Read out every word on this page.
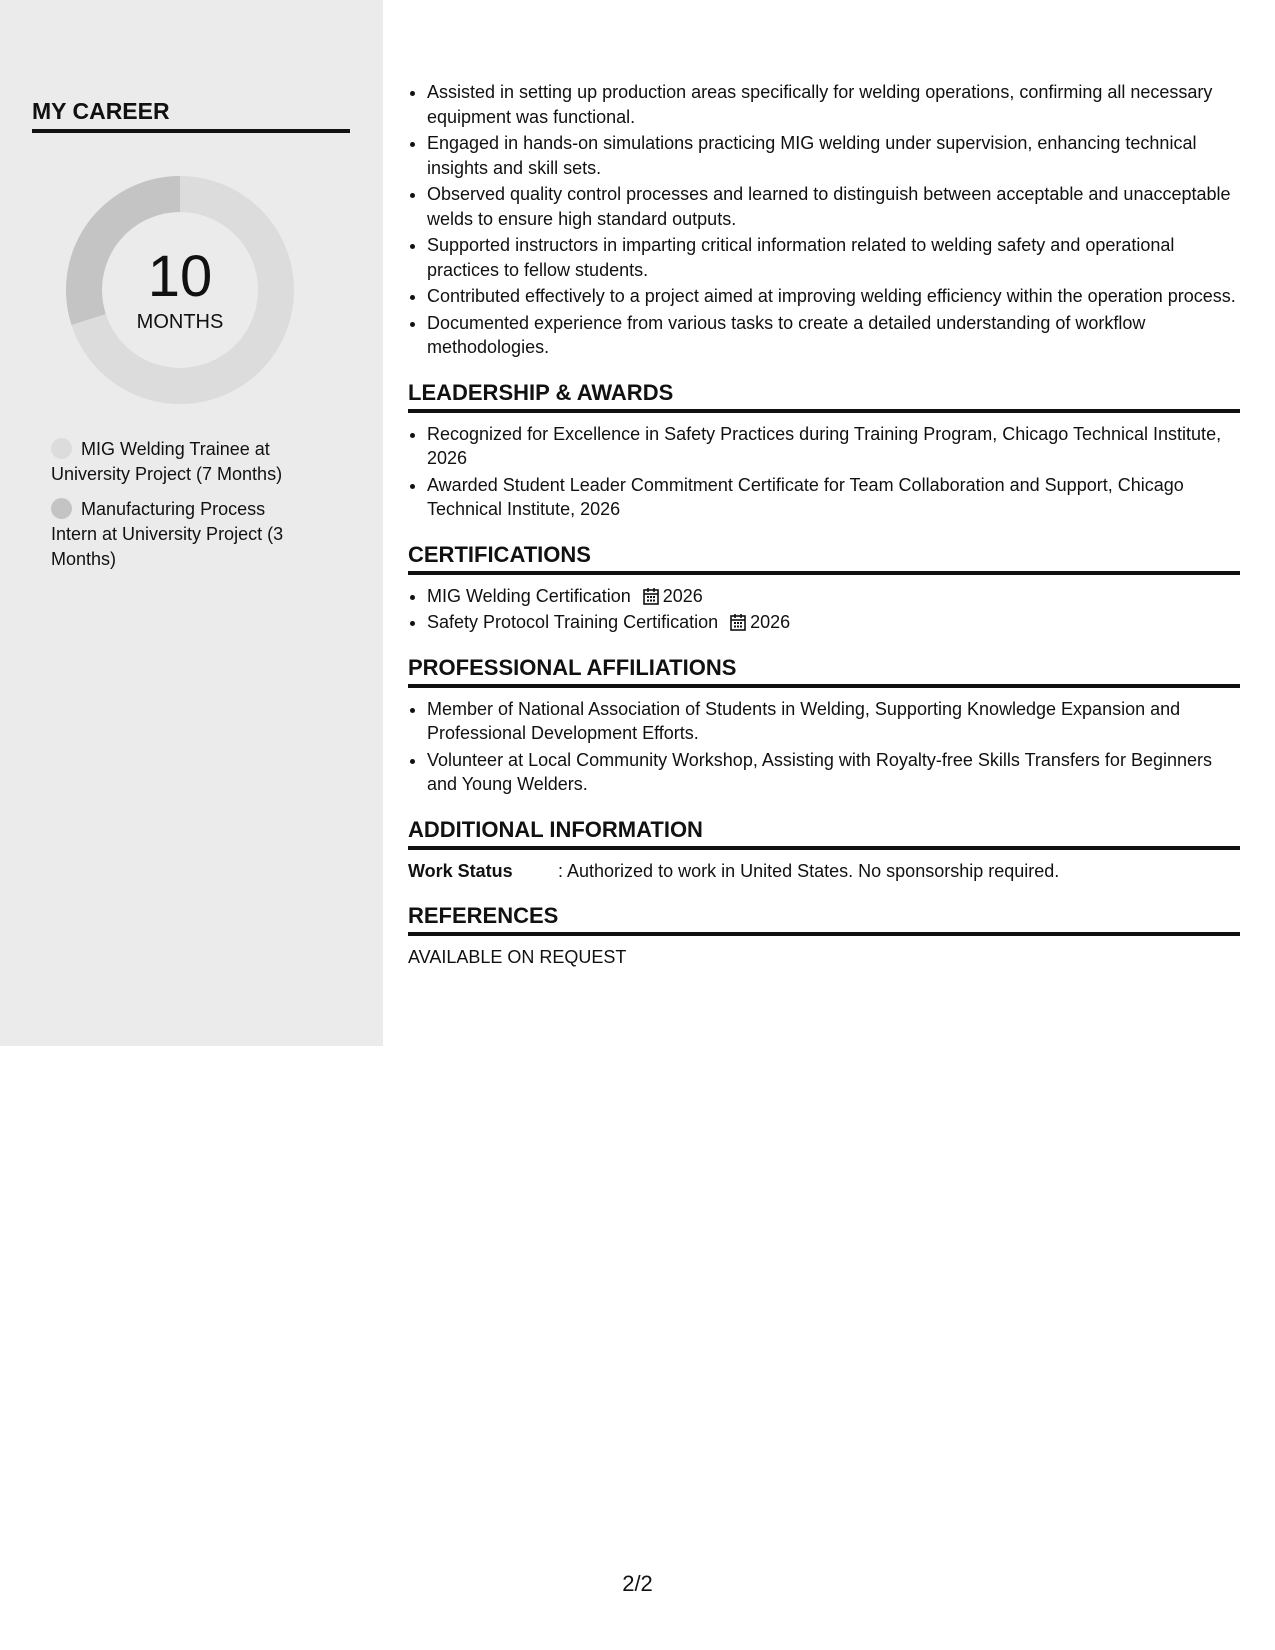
MY CAREER
10
MONTHS
MIG Welding Trainee at University Project (7 Months)
Manufacturing Process Intern at University Project (3 Months)
• Assisted in setting up production areas specifically for welding operations, confirming all necessary equipment was functional.
• Engaged in hands-on simulations practicing MIG welding under supervision, enhancing technical insights and skill sets.
• Observed quality control processes and learned to distinguish between acceptable and unacceptable welds to ensure high standard outputs.
• Supported instructors in imparting critical information related to welding safety and operational practices to fellow students.
• Contributed effectively to a project aimed at improving welding efficiency within the operation process.
• Documented experience from various tasks to create a detailed understanding of workflow methodologies.
LEADERSHIP & AWARDS
• Recognized for Excellence in Safety Practices during Training Program, Chicago Technical Institute, 2026
• Awarded Student Leader Commitment Certificate for Team Collaboration and Support, Chicago Technical Institute, 2026
CERTIFICATIONS
• MIG Welding Certification 2026
• Safety Protocol Training Certification 2026
PROFESSIONAL AFFILIATIONS
• Member of National Association of Students in Welding, Supporting Knowledge Expansion and Professional Development Efforts.
• Volunteer at Local Community Workshop, Assisting with Royalty-free Skills Transfers for Beginners and Young Welders.
ADDITIONAL INFORMATION
Work Status	: Authorized to work in United States. No sponsorship required.
REFERENCES
AVAILABLE ON REQUEST
2/2
